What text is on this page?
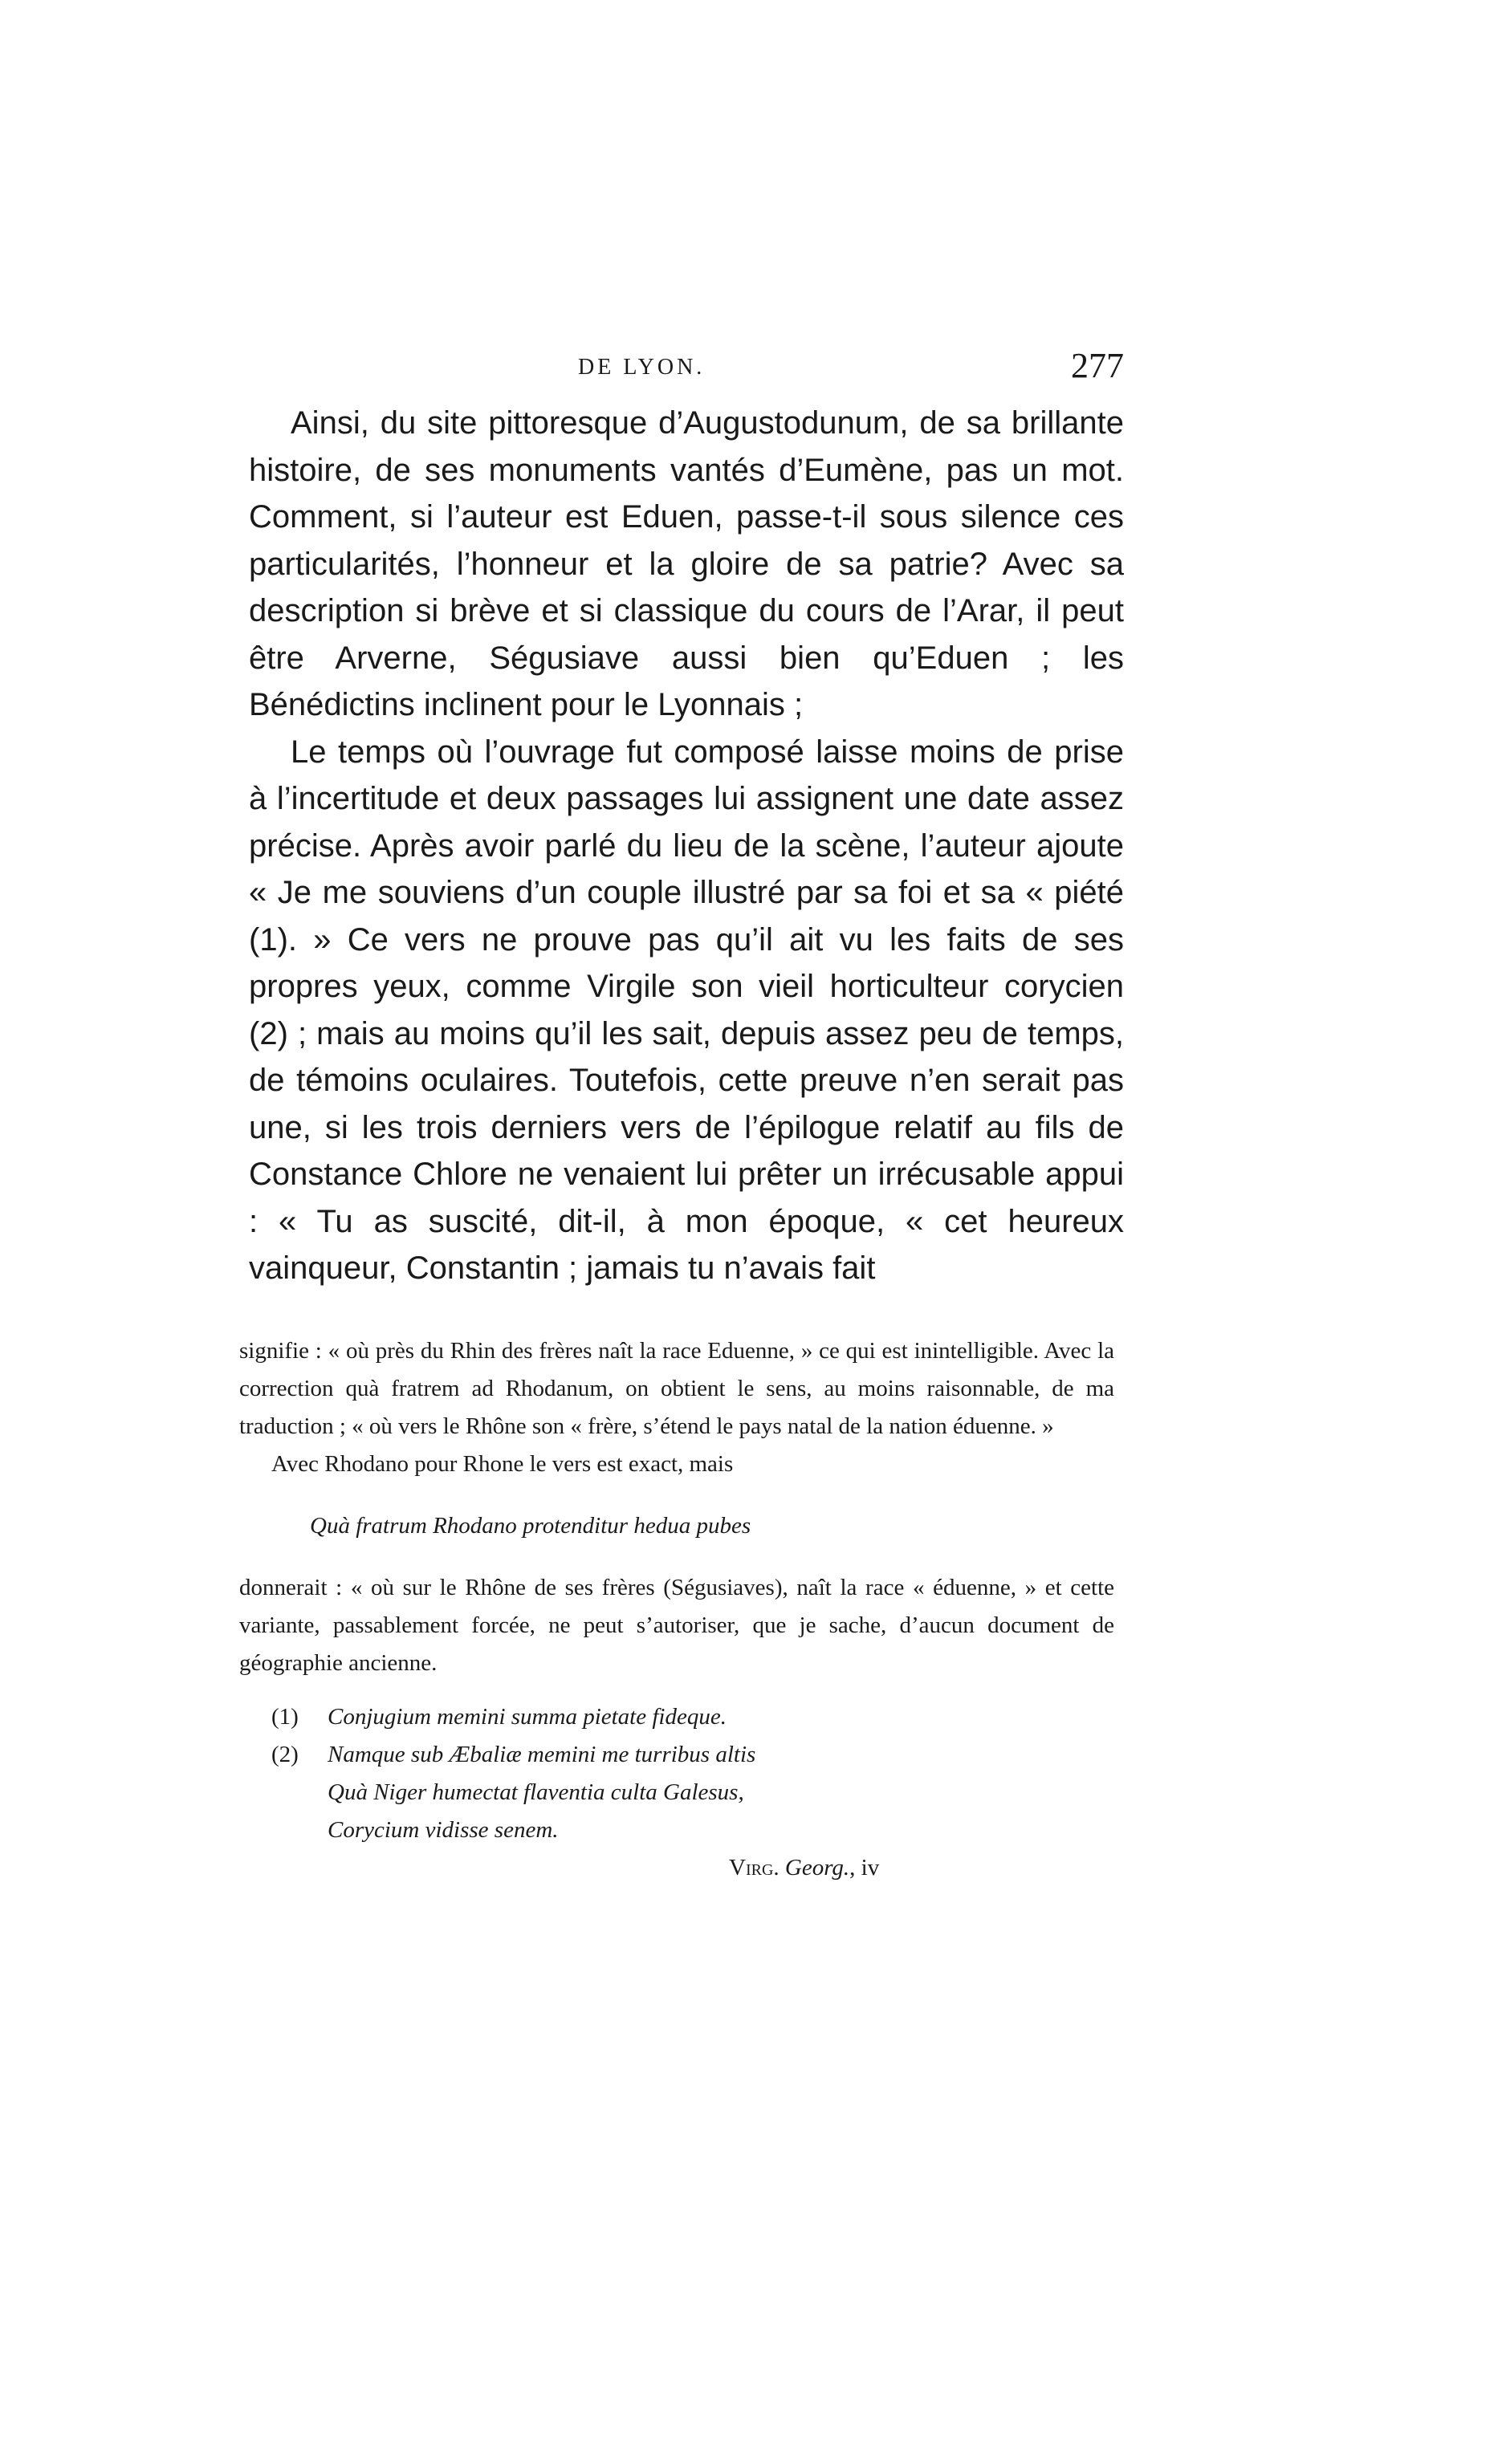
DE LYON.	277

Ainsi, du site pittoresque d’Augustodunum, de sa brillante histoire, de ses monuments vantés d’Eumène, pas un mot. Comment, si l’auteur est Eduen, passe-t-il sous silence ces particularités, l’honneur et la gloire de sa patrie? Avec sa description si brève et si classique du cours de l’Arar, il peut être Arverne, Ségusiave aussi bien qu’Eduen ; les Bénédictins inclinent pour le Lyonnais ;

Le temps où l’ouvrage fut composé laisse moins de prise à l’incertitude et deux passages lui assignent une date assez précise. Après avoir parlé du lieu de la scène, l’auteur ajoute « Je me souviens d’un couple illustré par sa foi et sa « piété (1). » Ce vers ne prouve pas qu’il ait vu les faits de ses propres yeux, comme Virgile son vieil horticulteur corycien (2) ; mais au moins qu’il les sait, depuis assez peu de temps, de témoins oculaires. Toutefois, cette preuve n’en serait pas une, si les trois derniers vers de l’épilogue relatif au fils de Constance Chlore ne venaient lui prêter un irrécusable appui : « Tu as suscité, dit-il, à mon époque, « cet heureux vainqueur, Constantin ; jamais tu n’avais fait

signifie : « où près du Rhin des frères naît la race Eduenne, » ce qui est inintelligible. Avec la correction quà fratrem ad Rhodanum, on obtient le sens, au moins raisonnable, de ma traduction ; « où vers le Rhône son « frère, s’étend le pays natal de la nation éduenne. »

Avec Rhodano pour Rhone le vers est exact, mais

Quà fratrum Rhodano protenditur hedua pubes

donnerait : « où sur le Rhône de ses frères (Ségusiaves), naît la race « éduenne, » et cette variante, passablement forcée, ne peut s’autoriser, que je sache, d’aucun document de géographie ancienne.

(1)	Conjugium memini summa pietate fideque.
(2)	Namque sub Æbaliæ memini me turribus altis

Quà Niger humectat flaventia culta Galesus,

Corycium vidisse senem.

Virg. Georg., iv
